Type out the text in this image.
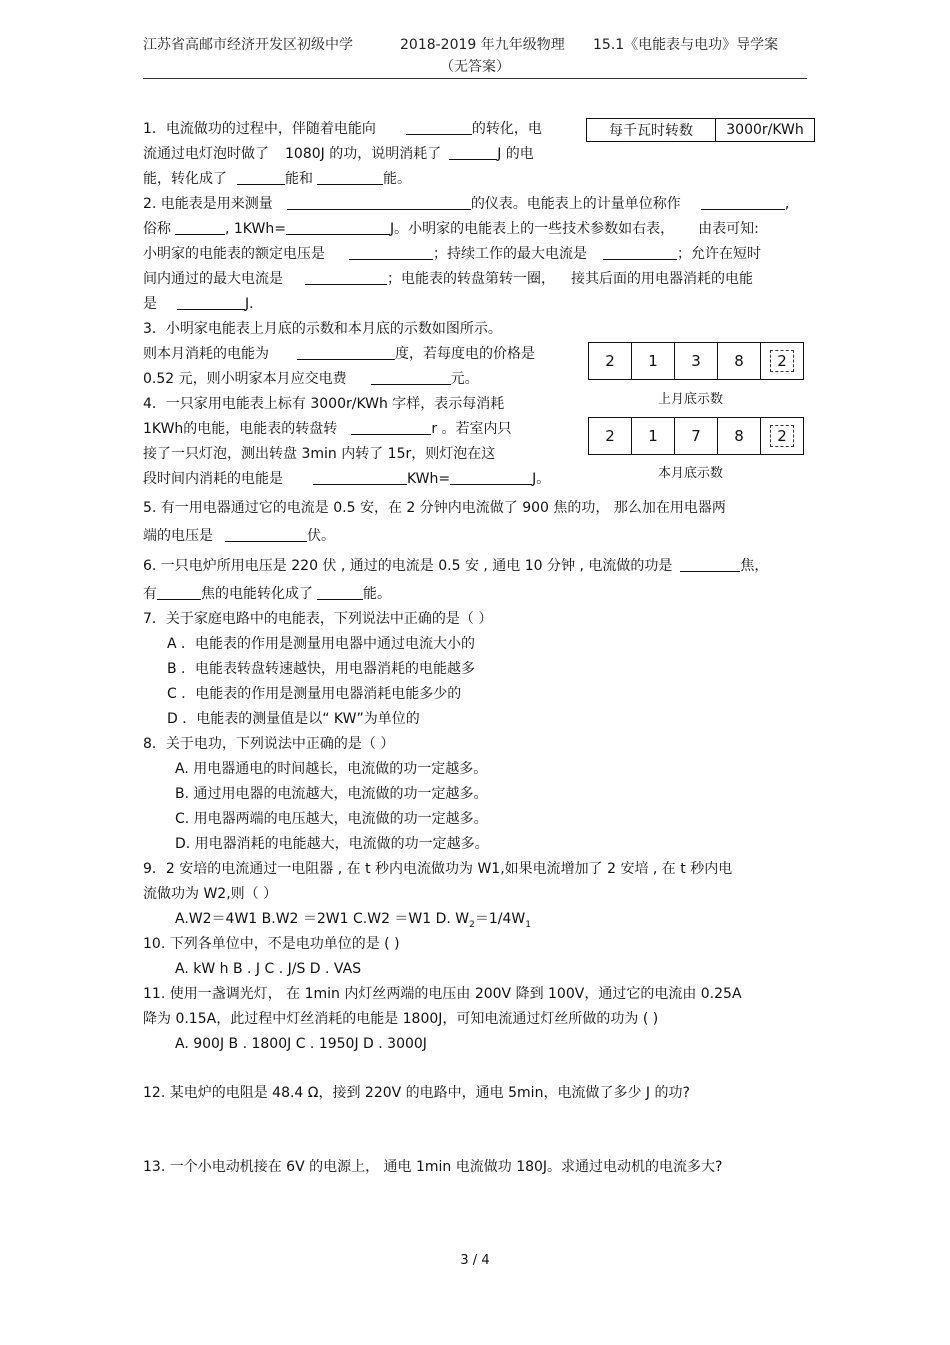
江苏省高邮市经济开发区初级中学	2018-2019 年九年级物理 15.1《电能表与电功》导学案
（无答案）
每千瓦时转数	3000r/KWh
1．电流做功的过程中，伴随着电能向	的转化，电
流通过电灯泡时做了 1080J 的功，说明消耗了	J 的电
能，转化成了	能和	能。
2. 电能表是用来测量	的仪表。电能表上的计量单位称作	,
俗称	, 1KWh=	J。小明家的电能表上的一些技术参数如右表， 由表可知:
小明家的电能表的额定电压是	；持续工作的最大电流是	；允许在短时
间内通过的最大电流是	；电能表的转盘第转一圈， 接其后面的用电器消耗的电能
是	J.
3．小明家电能表上月底的示数和本月底的示数如图所示。
则本月消耗的电能为	度，若每度电的价格是
0.52 元，则小明家本月应交电费	元。
2	1	3	8	2
上月底示数
2	1	7	8	2
本月底示数
4．一只家用电能表上标有 3000r/KWh 字样，表示每消耗
1KWh的电能，电能表的转盘转	r 。若室内只
接了一只灯泡，测出转盘 3min 内转了 15r，则灯泡在这
段时间内消耗的电能是	KWh=	J。
5. 有一用电器通过它的电流是 0.5 安，在 2 分钟内电流做了 900 焦的功， 那么加在用电器两
端的电压是	伏。
6. 一只电炉所用电压是 220 伏 , 通过的电流是 0.5 安 , 通电 10 分钟 , 电流做的功是	焦，
有	焦的电能转化成了	能。
7．关于家庭电路中的电能表，下列说法中正确的是（ ）
A ．电能表的作用是测量用电器中通过电流大小的
B ．电能表转盘转速越快，用电器消耗的电能越多
C ．电能表的作用是测量用电器消耗电能多少的
D ．电能表的测量值是以“ KW”为单位的
8．关于电功，下列说法中正确的是（ ）
A. 用电器通电的时间越长，电流做的功一定越多。
B. 通过用电器的电流越大，电流做的功一定越多。
C. 用电器两端的电压越大，电流做的功一定越多。
D. 用电器消耗的电能越大，电流做的功一定越多。
9．2 安培的电流通过一电阻器 , 在 t 秒内电流做功为 W1,如果电流增加了 2 安培 , 在 t 秒内电
流做功为 W2,则（ ）
A.W2＝4W1 B.W2 ＝2W1 C.W2 ＝W1 D. $W_2=1/4W_1$
10. 下列各单位中，不是电功单位的是 ( )
A. kW h B . J C . J/S D . VAS
11. 使用一盏调光灯， 在 1min 内灯丝两端的电压由 200V 降到 100V，通过它的电流由 0.25A
降为 0.15A，此过程中灯丝消耗的电能是 1800J，可知电流通过灯丝所做的功为 ( )
A. 900J B . 1800J C . 1950J D . 3000J
12. 某电炉的电阻是 48.4 Ω，接到 220V 的电路中，通电 5min，电流做了多少 J 的功?
13. 一个小电动机接在 6V 的电源上， 通电 1min 电流做功 180J。求通过电动机的电流多大?
3 / 4
